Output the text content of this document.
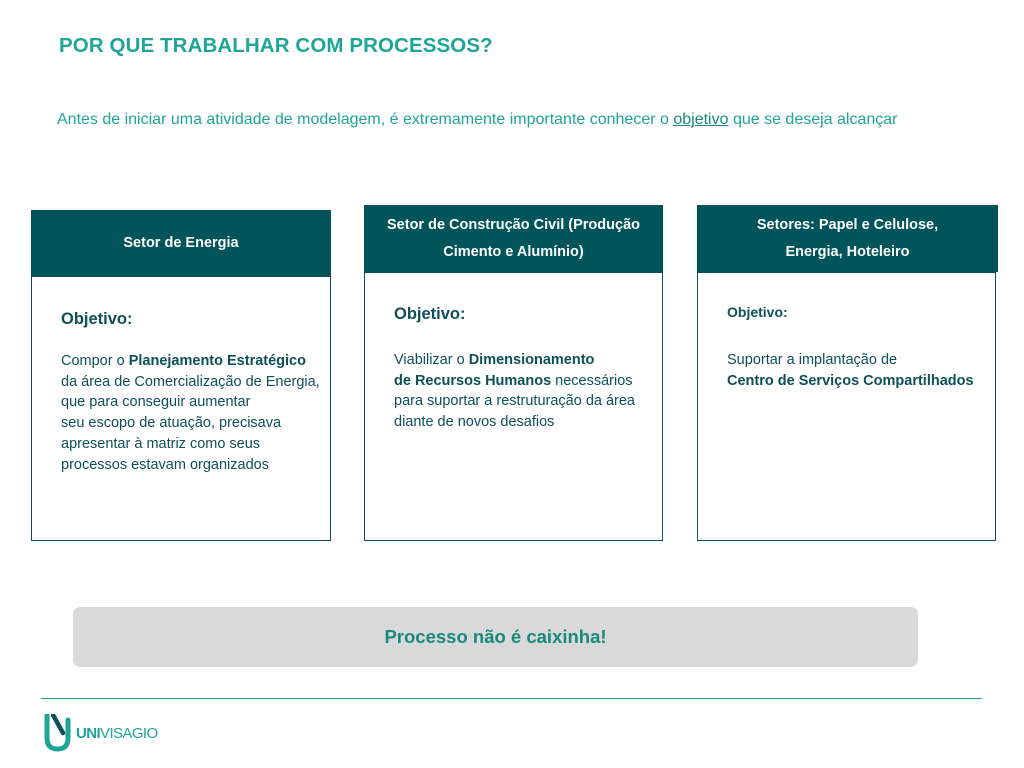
POR QUE TRABALHAR COM PROCESSOS?
Antes de iniciar uma atividade de modelagem, é extremamente importante conhecer o objetivo que se deseja alcançar
Setor de Energia
Objetivo:
Compor o Planejamento Estratégico
da área de Comercialização de Energia,
que para conseguir aumentar
seu escopo de atuação, precisava
apresentar à matriz como seus
processos estavam organizados
Setor de Construção Civil (Produção
Cimento e Alumínio)
Objetivo:
Viabilizar o Dimensionamento
de Recursos Humanos necessários
para suportar a restruturação da área
diante de novos desafios
Setores: Papel e Celulose,
Energia, Hoteleiro
Objetivo:
Suportar a implantação de
Centro de Serviços Compartilhados
Processo não é caixinha!
UNIVISAGIO
